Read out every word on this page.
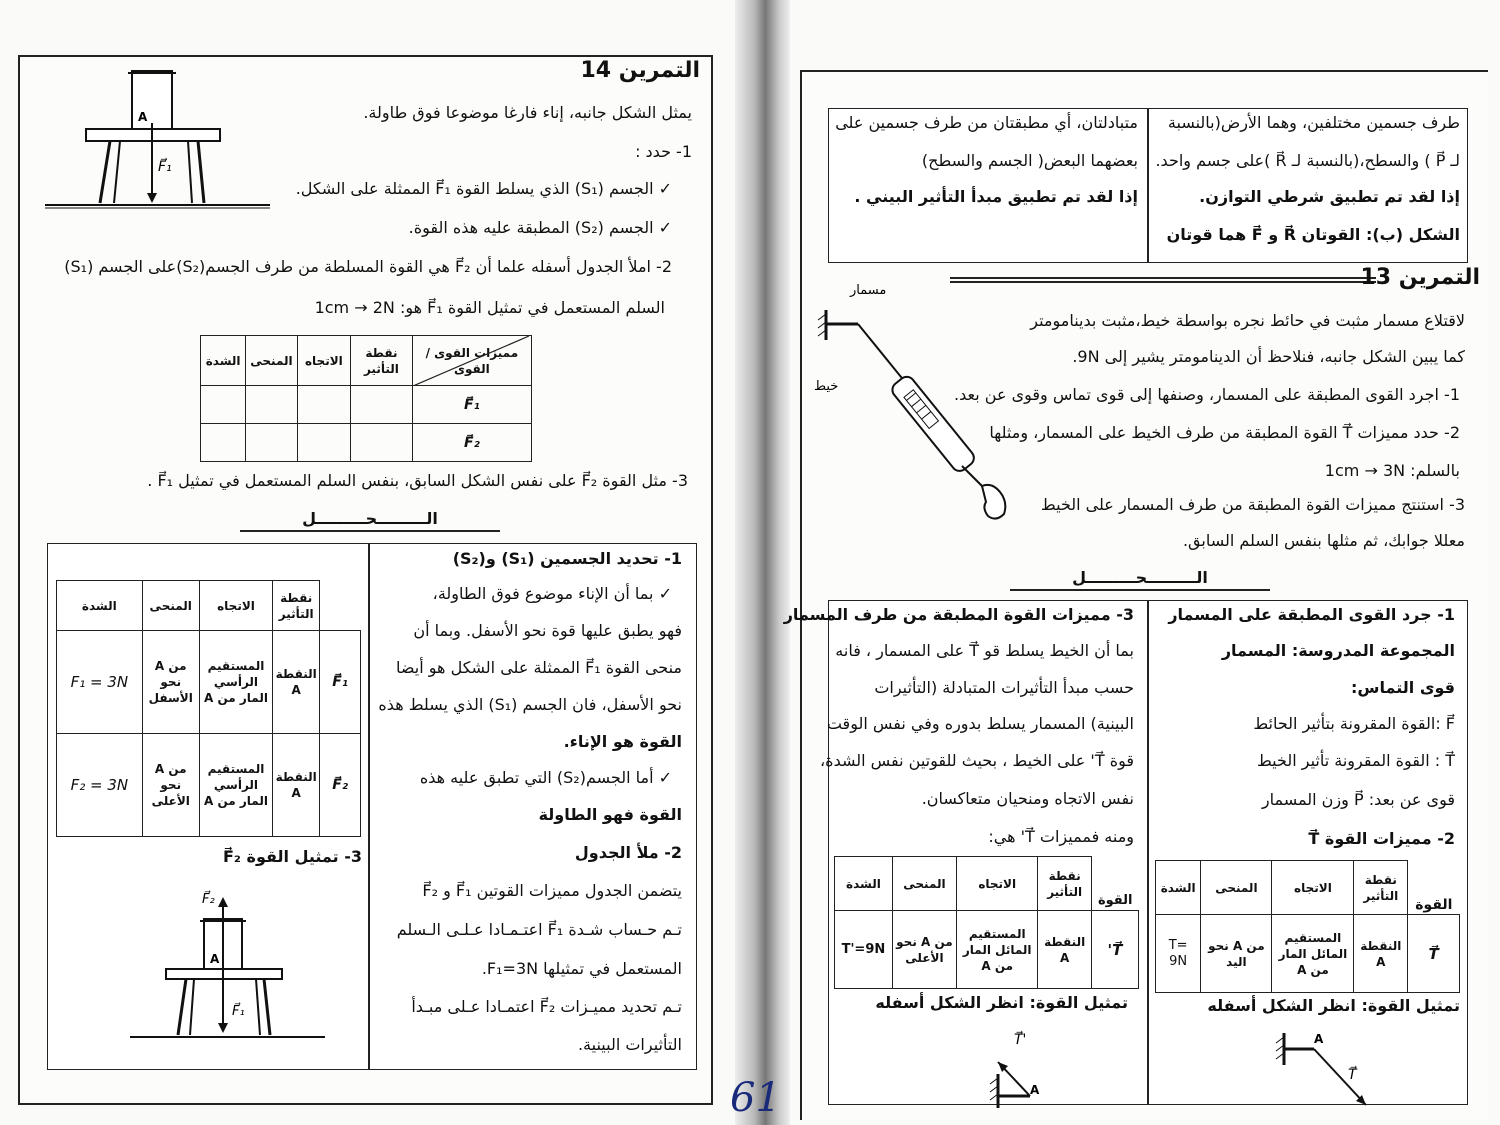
التمرين 14
A
F⃗₁
يمثل الشكل جانبه، إناء فارغا موضوعا فوق طاولة.
1- حدد :
✓ الجسم (S₁) الذي يسلط القوة F⃗₁ الممثلة على الشكل.
✓ الجسم (S₂) المطبقة عليه هذه القوة.
2- املأ الجدول أسفله علما أن F⃗₂ هي القوة المسلطة من طرف الجسم(S₂)على الجسم (S₁)
السلم المستعمل في تمثيل القوة F⃗₁ هو: 1cm → 2N
مميزات القوى / القوى	نقطة التأثير	الاتجاه	المنحى	الشدة
F⃗₁				
F⃗₂				
3- مثل القوة F⃗₂ على نفس الشكل السابق، بنفس السلم المستعمل في تمثيل F⃗₁ .
الـــــــــحـــــــــل
1- تحديد الجسمين (S₁) و(S₂)
✓ بما أن الإناء موضوع فوق الطاولة،
فهو يطبق عليها قوة نحو الأسفل. وبما أن
منحى القوة F⃗₁ الممثلة على الشكل هو أيضا
نحو الأسفل، فان الجسم (S₁) الذي يسلط هذه
القوة هو الإناء.
✓ أما الجسم(S₂) التي تطبق عليه هذه
القوة فهو الطاولة
2- ملأ الجدول
يتضمن الجدول مميزات القوتين F⃗₁ و F⃗₂
تـم حـساب شـدة F⃗₁ اعتـمـادا عـلـى الـسلم
المستعمل في تمثيلها F₁=3N.
تـم تحديد مميـزات F⃗₂ اعتمـادا عـلى مبـدأ
التأثيرات البينية.
	نقطة التأثير	الاتجاه	المنحى	الشدة
F⃗₁	النقطة A	المستقيم الرأسي المار من A	من A نحو الأسفل	F₁ = 3N
F⃗₂	النقطة A	المستقيم الرأسي المار من A	من A نحو الأعلى	F₂ = 3N
3- تمثيل القوة F⃗₂
A
F⃗₂
F⃗₁
طرف جسمين مختلفين، وهما الأرض(بالنسبة
لـ P⃗ ) والسطح،(بالنسبة لـ R⃗ )على جسم واحد.
إذا لقد تم تطبيق شرطي التوازن.
الشكل (ب): القوتان R⃗ و F⃗ هما قوتان
متبادلتان، أي مطبقتان من طرف جسمين على
بعضهما البعض( الجسم والسطح)
إذا لقد تم تطبيق مبدأ التأثير البيني .
التمرين 13
مسمار
خيط
لاقتلاع مسمار مثبت في حائط نجره بواسطة خيط،مثبت بدينامومتر
كما يبين الشكل جانبه، فنلاحظ أن الدينامومتر يشير إلى 9N.
1- اجرد القوى المطبقة على المسمار، وصنفها إلى قوى تماس وقوى عن بعد.
2- حدد مميزات T⃗ القوة المطبقة من طرف الخيط على المسمار، ومثلها
بالسلم: 1cm → 3N
3- استنتج مميزات القوة المطبقة من طرف المسمار على الخيط
معللا جوابك، ثم مثلها بنفس السلم السابق.
الـــــــــحـــــــــل
1- جرد القوى المطبقة على المسمار
المجموعة المدروسة: المسمار
قوى التماس:
F⃗ :القوة المقرونة بتأثير الحائط
T⃗ : القوة المقرونة تأثير الخيط
قوى عن بعد: P⃗ وزن المسمار
2- مميزات القوة T⃗
3- مميزات القوة المطبقة من طرف المسمار
بما أن الخيط يسلط قو T⃗ على المسمار ، فانه
حسب مبدأ التأثيرات المتبادلة (التأثيرات
البينية) المسمار يسلط بدوره وفي نفس الوقت
قوة T⃗' على الخيط ، بحيث للقوتين نفس الشدة،
نفس الاتجاه ومنحيان متعاكسان.
ومنه فمميزات T⃗' هي:
القوة	نقطة التأثير	الاتجاه	المنحى	الشدة
T⃗	النقطة A	المستقيم المائل المار من A	من A نحو اليد	T= 9N
القوة	نقطة التأثير	الاتجاه	المنحى	الشدة
T⃗'	النقطة A	المستقيم المائل المار من A	من A نحو الأعلى	T'=9N
تمثيل القوة: انظر الشكل أسفله
تمثيل القوة: انظر الشكل أسفله
A
T⃗
A
T⃗'
61
